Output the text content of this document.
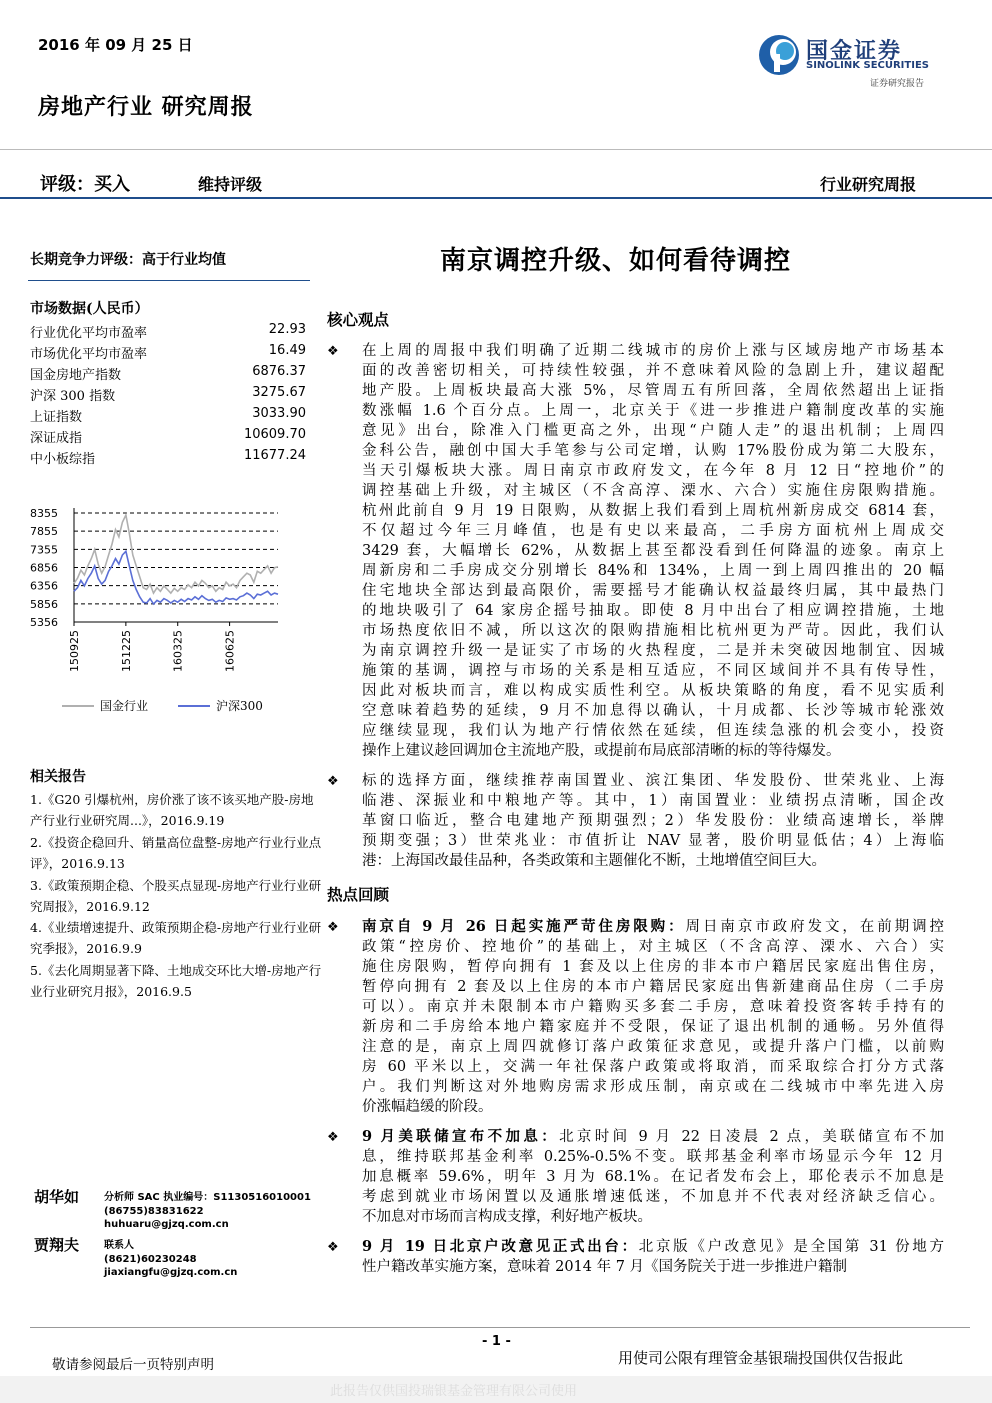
2016 年 09 月 25 日
房地产行业 研究周报
国金证券
SINOLINK SECURITIES
证券研究报告
评级：买入	维持评级	行业研究周报
长期竞争力评级：高于行业均值
市场数据(人民币）
行业优化平均市盈率	22.93
市场优化平均市盈率	16.49
国金房地产指数	6876.37
沪深 300 指数	3275.67
上证指数	3033.90
深证成指	10609.70
中小板综指	11677.24
8355
7855
7355
6856
6356
5856
5356
150925	151225	160325	160625
国金行业	沪深300
相关报告
1.《G20 引爆杭州，房价涨了该不该买地产股-房地产行业行业研究周...》，2016.9.19
2.《投资企稳回升、销量高位盘整-房地产行业行业点评》，2016.9.13
3.《政策预期企稳、个股买点显现-房地产行业行业研究周报》，2016.9.12
4.《业绩增速提升、政策预期企稳-房地产行业行业研究季报》，2016.9.9
5.《去化周期显著下降、土地成交环比大增-房地产行业行业研究月报》，2016.9.5
胡华如 分析师 SAC 执业编号：S1130516010001
(86755)83831622
huhuaru@gjzq.com.cn
贾翔夫 联系人
(8621)60230248
jiaxiangfu@gjzq.com.cn
南京调控升级、如何看待调控
核心观点
❖ 在上周的周报中我们明确了近期二线城市的房价上涨与区域房地产市场基本
面的改善密切相关，可持续性较强，并不意味着风险的急剧上升，建议超配
地产股。上周板块最高大涨 5%，尽管周五有所回落，全周依然超出上证指
数涨幅 1.6 个百分点。上周一，北京关于《进一步推进户籍制度改革的实施
意见》出台，除准入门槛更高之外，出现“户随人走”的退出机制；上周四
金科公告，融创中国大手笔参与公司定增，认购 17%股份成为第二大股东，
当天引爆板块大涨。周日南京市政府发文，在今年 8 月 12 日“控地价”的
调控基础上升级，对主城区（不含高淳、溧水、六合）实施住房限购措施。
杭州此前自 9 月 19 日限购，从数据上我们看到上周杭州新房成交 6814 套，
不仅超过今年三月峰值，也是有史以来最高，二手房方面杭州上周成交
3429 套，大幅增长 62%，从数据上甚至都没看到任何降温的迹象。南京上
周新房和二手房成交分别增长 84%和 134%，上周一到上周四推出的 20 幅
住宅地块全部达到最高限价，需要摇号才能确认权益最终归属，其中最热门
的地块吸引了 64 家房企摇号抽取。即使 8 月中出台了相应调控措施，土地
市场热度依旧不减，所以这次的限购措施相比杭州更为严苛。因此，我们认
为南京调控升级一是证实了市场的火热程度，二是并未突破因地制宜、因城
施策的基调，调控与市场的关系是相互适应，不同区域间并不具有传导性，
因此对板块而言，难以构成实质性利空。从板块策略的角度，看不见实质利
空意味着趋势的延续，9 月不加息得以确认，十月成都、长沙等城市轮涨效
应继续显现，我们认为地产行情依然在延续，但连续急涨的机会变小，投资
操作上建议趁回调加仓主流地产股，或提前布局底部清晰的标的等待爆发。
❖ 标的选择方面，继续推荐南国置业、滨江集团、华发股份、世荣兆业、上海
临港、深振业和中粮地产等。其中，1）南国置业：业绩拐点清晰，国企改
革窗口临近，整合电建地产预期强烈；2）华发股份：业绩高速增长，举牌
预期变强；3）世荣兆业：市值折让 NAV 显著，股价明显低估；4）上海临
港：上海国改最佳品种，各类政策和主题催化不断，土地增值空间巨大。
热点回顾
❖ 南京自 9 月 26 日起实施严苛住房限购：周日南京市政府发文，在前期调控
政策“控房价、控地价”的基础上，对主城区（不含高淳、溧水、六合）实
施住房限购，暂停向拥有 1 套及以上住房的非本市户籍居民家庭出售住房，
暂停向拥有 2 套及以上住房的本市户籍居民家庭出售新建商品住房（二手房
可以）。南京并未限制本市户籍购买多套二手房，意味着投资客转手持有的
新房和二手房给本地户籍家庭并不受限，保证了退出机制的通畅。另外值得
注意的是，南京上周四就修订落户政策征求意见，或提升落户门槛，以前购
房 60 平米以上，交满一年社保落户政策或将取消，而采取综合打分方式落
户。我们判断这对外地购房需求形成压制，南京或在二线城市中率先进入房
价涨幅趋缓的阶段。
❖ 9 月美联储宣布不加息：北京时间 9 月 22 日凌晨 2 点，美联储宣布不加
息，维持联邦基金利率 0.25%-0.5%不变。联邦基金利率市场显示今年 12 月
加息概率 59.6%，明年 3 月为 68.1%。在记者发布会上，耶伦表示不加息是
考虑到就业市场闲置以及通胀增速低迷，不加息并不代表对经济缺乏信心。
不加息对市场而言构成支撑，利好地产板块。
❖ 9 月 19 日北京户改意见正式出台：北京版《户改意见》是全国第 31 份地方
性户籍改革实施方案，意味着 2014 年 7 月《国务院关于进一步推进户籍制
- 1 -
敬请参阅最后一页特别声明	用使司公限有理管金基银瑞投国供仅告报此
此报告仅供国投瑞银基金管理有限公司使用
